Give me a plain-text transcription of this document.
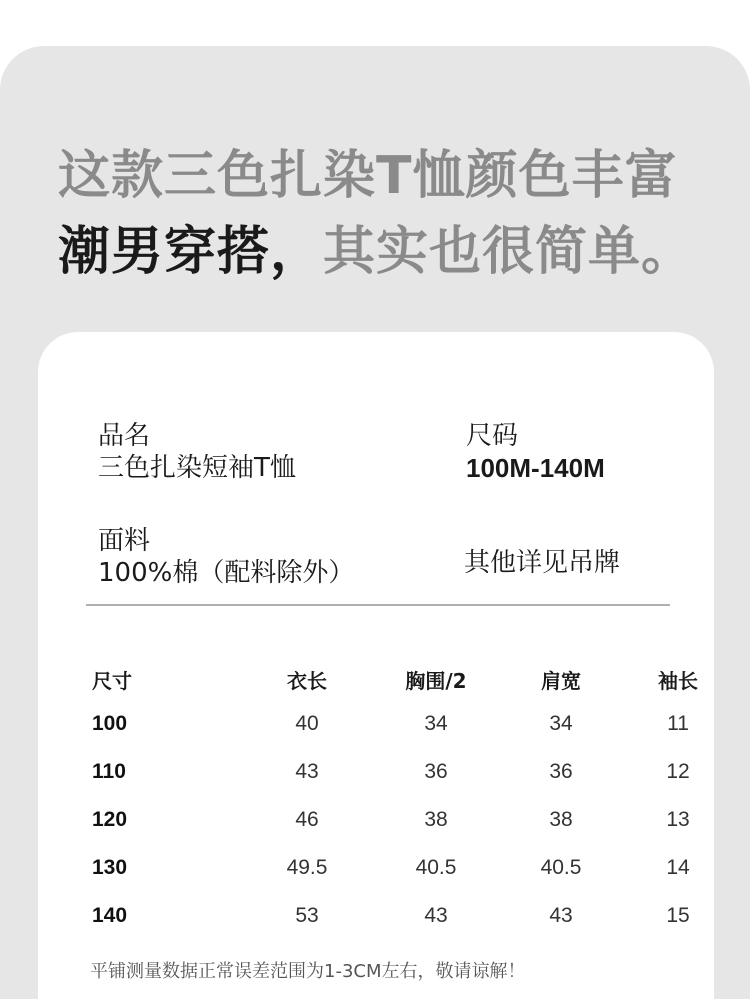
这款三色扎染T恤颜色丰富
潮男穿搭，其实也很简单。
品名
三色扎染短袖T恤
尺码
100M-140M
面料
100%棉（配料除外）	其他详见吊牌
尺寸	衣长	胸围/2	肩宽	袖长
100	40	34	34	11
110	43	36	36	12
120	46	38	38	13
130	49.5	40.5	40.5	14
140	53	43	43	15
平铺测量数据正常误差范围为1-3CM左右，敬请谅解！
